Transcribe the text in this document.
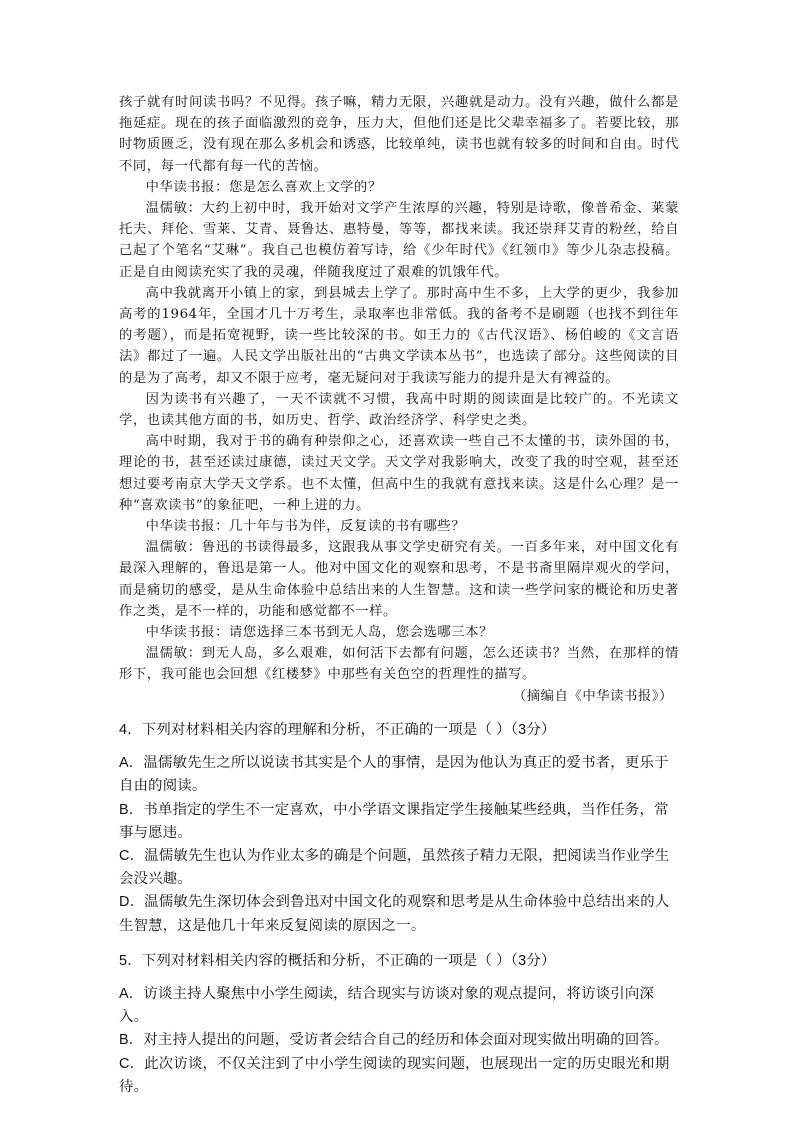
孩子就有时间读书吗？不见得。孩子嘛，精力无限，兴趣就是动力。没有兴趣，做什么都是拖延症。现在的孩子面临激烈的竞争，压力大，但他们还是比父辈幸福多了。若要比较，那时物质匮乏，没有现在那么多机会和诱惑，比较单纯，读书也就有较多的时间和自由。时代不同，每一代都有每一代的苦恼。

中华读书报：您是怎么喜欢上文学的？

温儒敏：大约上初中时，我开始对文学产生浓厚的兴趣，特别是诗歌，像普希金、莱蒙托夫、拜伦、雪莱、艾青、聂鲁达、惠特曼，等等，都找来读。我还崇拜艾青的粉丝，给自己起了个笔名“艾琳”。我自己也模仿着写诗，给《少年时代》《红领巾》等少儿杂志投稿。正是自由阅读充实了我的灵魂，伴随我度过了艰难的饥饿年代。

高中我就离开小镇上的家，到县城去上学了。那时高中生不多，上大学的更少，我参加高考的1964年，全国才几十万考生，录取率也非常低。我的备考不是刷题（也找不到往年的考题），而是拓宽视野，读一些比较深的书。如王力的《古代汉语》、杨伯峻的《文言语法》都过了一遍。人民文学出版社出的“古典文学读本丛书”，也选读了部分。这些阅读的目的是为了高考，却又不限于应考，毫无疑问对于我读写能力的提升是大有裨益的。

因为读书有兴趣了，一天不读就不习惯，我高中时期的阅读面是比较广的。不光读文学，也读其他方面的书，如历史、哲学、政治经济学、科学史之类。

高中时期，我对于书的确有种崇仰之心，还喜欢读一些自己不太懂的书，读外国的书，理论的书，甚至还读过康德，读过天文学。天文学对我影响大，改变了我的时空观，甚至还想过要考南京大学天文学系。也不太懂，但高中生的我就有意找来读。这是什么心理？是一种“喜欢读书”的象征吧，一种上进的力。

中华读书报：几十年与书为伴，反复读的书有哪些？

温儒敏：鲁迅的书读得最多，这跟我从事文学史研究有关。一百多年来，对中国文化有最深入理解的，鲁迅是第一人。他对中国文化的观察和思考，不是书斋里隔岸观火的学问，而是痛切的感受，是从生命体验中总结出来的人生智慧。这和读一些学问家的概论和历史著作之类，是不一样的，功能和感觉都不一样。

中华读书报：请您选择三本书到无人岛，您会选哪三本？

温儒敏：到无人岛，多么艰难，如何活下去都有问题，怎么还读书？当然，在那样的情形下，我可能也会回想《红楼梦》中那些有关色空的哲理性的描写。

（摘编自《中华读书报》）

4．下列对材料相关内容的理解和分析，不正确的一项是（ ）（3分）

A．温儒敏先生之所以说读书其实是个人的事情，是因为他认为真正的爱书者，更乐于自由的阅读。

B．书单指定的学生不一定喜欢，中小学语文课指定学生接触某些经典，当作任务，常事与愿违。

C．温儒敏先生也认为作业太多的确是个问题，虽然孩子精力无限，把阅读当作业学生会没兴趣。

D．温儒敏先生深切体会到鲁迅对中国文化的观察和思考是从生命体验中总结出来的人生智慧，这是他几十年来反复阅读的原因之一。

5．下列对材料相关内容的概括和分析，不正确的一项是（ ）（3分）

A．访谈主持人聚焦中小学生阅读，结合现实与访谈对象的观点提问，将访谈引向深入。

B．对主持人提出的问题，受访者会结合自己的经历和体会面对现实做出明确的回答。

C．此次访谈，不仅关注到了中小学生阅读的现实问题，也展现出一定的历史眼光和期待。
